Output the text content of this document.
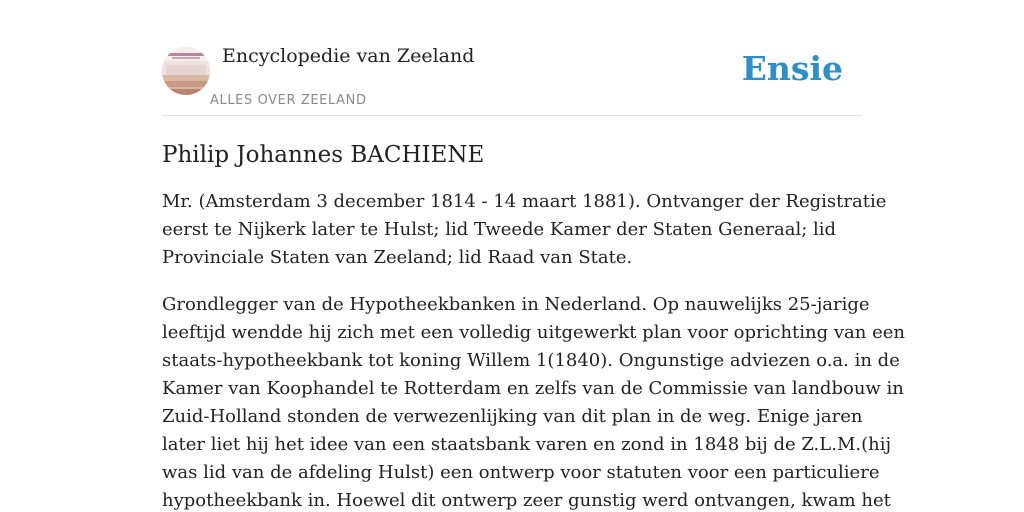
Encyclopedie van Zeeland
ALLES OVER ZEELAND
Ensie
Philip Johannes BACHIENE

Mr. (Amsterdam 3 december 1814 - 14 maart 1881). Ontvanger der Registratie
eerst te Nijkerk later te Hulst; lid Tweede Kamer der Staten Generaal; lid
Provinciale Staten van Zeeland; lid Raad van State.

Grondlegger van de Hypotheekbanken in Nederland. Op nauwelijks 25-jarige
leeftijd wendde hij zich met een volledig uitgewerkt plan voor oprichting van een
staats-hypotheekbank tot koning Willem 1(1840). Ongunstige adviezen o.a. in de
Kamer van Koophandel te Rotterdam en zelfs van de Commissie van landbouw in
Zuid-Holland stonden de verwezenlijking van dit plan in de weg. Enige jaren
later liet hij het idee van een staatsbank varen en zond in 1848 bij de Z.L.M.(hij
was lid van de afdeling Hulst) een ontwerp voor statuten voor een particuliere
hypotheekbank in. Hoewel dit ontwerp zeer gunstig werd ontvangen, kwam het
